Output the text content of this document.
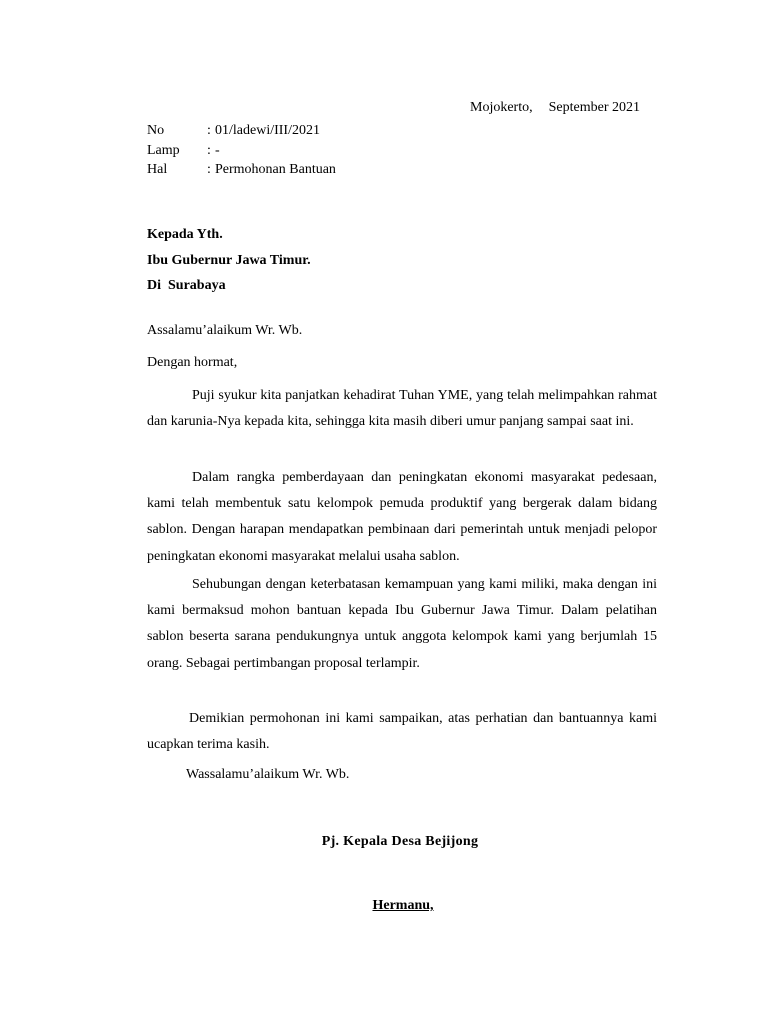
Mojokerto, September 2021
No	: 01/ladewi/III/2021
Lamp : -
Hal	: Permohonan Bantuan
Kepada Yth.
Ibu Gubernur Jawa Timur.
Di  Surabaya
Assalamu’alaikum Wr. Wb.
Dengan hormat,

Puji syukur kita panjatkan kehadirat Tuhan YME, yang telah melimpahkan rahmat dan karunia-Nya kepada kita, sehingga kita masih diberi umur panjang sampai saat ini.

Dalam rangka pemberdayaan dan peningkatan ekonomi masyarakat pedesaan, kami telah membentuk satu kelompok pemuda produktif yang bergerak dalam bidang sablon. Dengan harapan mendapatkan pembinaan dari pemerintah untuk menjadi pelopor peningkatan ekonomi masyarakat melalui usaha sablon.

Sehubungan dengan keterbatasan kemampuan yang kami miliki, maka dengan ini kami bermaksud mohon bantuan kepada Ibu Gubernur Jawa Timur. Dalam pelatihan sablon beserta sarana pendukungnya untuk anggota kelompok kami yang berjumlah 15 orang. Sebagai pertimbangan proposal terlampir.

Demikian permohonan ini kami sampaikan, atas perhatian dan bantuannya kami ucapkan terima kasih.

Wassalamu’alaikum Wr. Wb.
Pj. Kepala Desa Bejijong
Hermanu,
